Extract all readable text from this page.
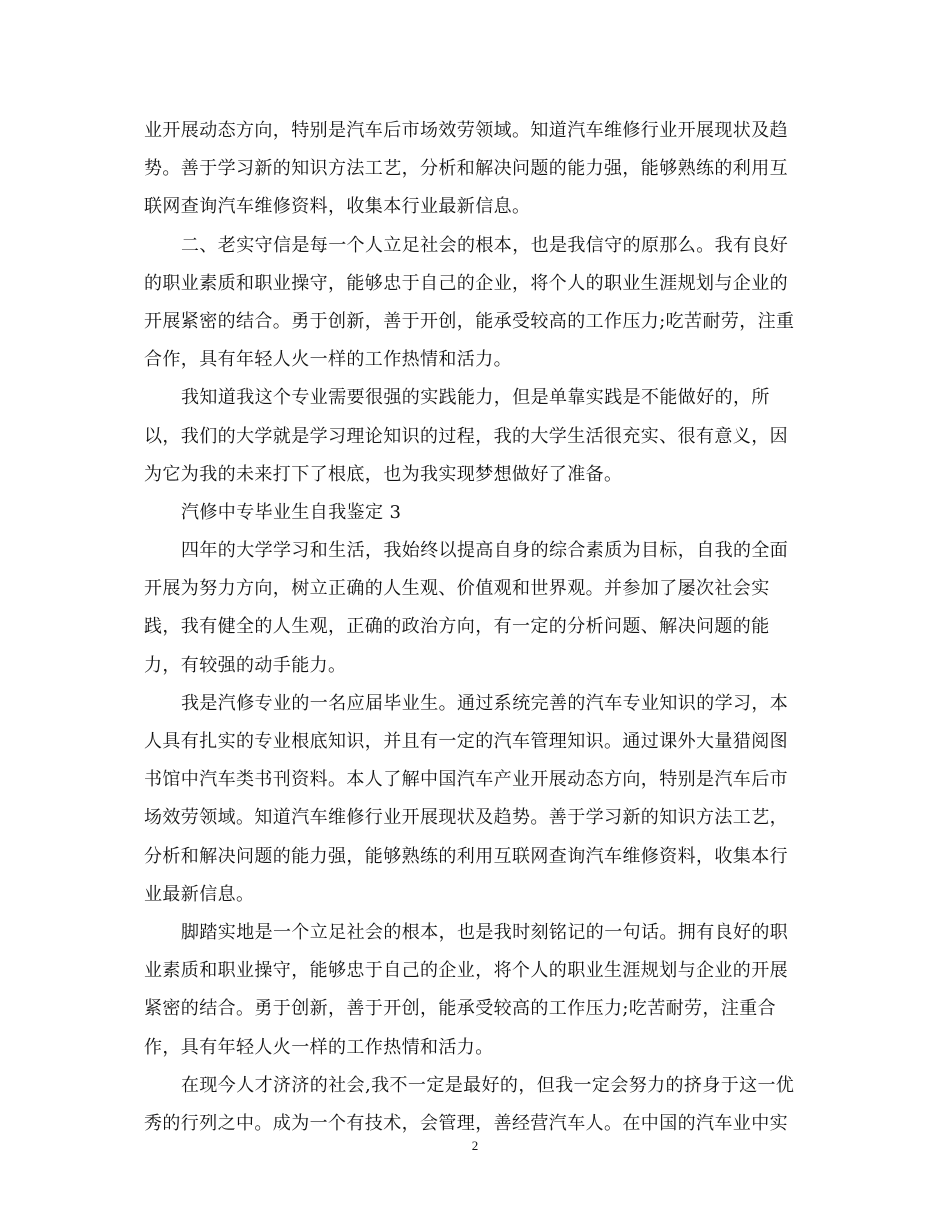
业开展动态方向，特别是汽车后市场效劳领域。知道汽车维修行业开展现状及趋
势。善于学习新的知识方法工艺，分析和解决问题的能力强，能够熟练的利用互
联网查询汽车维修资料，收集本行业最新信息。
二、老实守信是每一个人立足社会的根本，也是我信守的原那么。我有良好
的职业素质和职业操守，能够忠于自己的企业，将个人的职业生涯规划与企业的
开展紧密的结合。勇于创新，善于开创，能承受较高的工作压力;吃苦耐劳，注重
合作，具有年轻人火一样的工作热情和活力。
我知道我这个专业需要很强的实践能力，但是单靠实践是不能做好的，所
以，我们的大学就是学习理论知识的过程，我的大学生活很充实、很有意义，因
为它为我的未来打下了根底，也为我实现梦想做好了准备。
汽修中专毕业生自我鉴定 3
四年的大学学习和生活，我始终以提高自身的综合素质为目标，自我的全面
开展为努力方向，树立正确的人生观、价值观和世界观。并参加了屡次社会实
践，我有健全的人生观，正确的政治方向，有一定的分析问题、解决问题的能
力，有较强的动手能力。
我是汽修专业的一名应届毕业生。通过系统完善的汽车专业知识的学习，本
人具有扎实的专业根底知识，并且有一定的汽车管理知识。通过课外大量猎阅图
书馆中汽车类书刊资料。本人了解中国汽车产业开展动态方向，特别是汽车后市
场效劳领域。知道汽车维修行业开展现状及趋势。善于学习新的知识方法工艺，
分析和解决问题的能力强，能够熟练的利用互联网查询汽车维修资料，收集本行
业最新信息。
脚踏实地是一个立足社会的根本，也是我时刻铭记的一句话。拥有良好的职
业素质和职业操守，能够忠于自己的企业，将个人的职业生涯规划与企业的开展
紧密的结合。勇于创新，善于开创，能承受较高的工作压力;吃苦耐劳，注重合
作，具有年轻人火一样的工作热情和活力。
在现今人才济济的社会,我不一定是最好的，但我一定会努力的挤身于这一优
秀的行列之中。成为一个有技术，会管理，善经营汽车人。在中国的汽车业中实
2
